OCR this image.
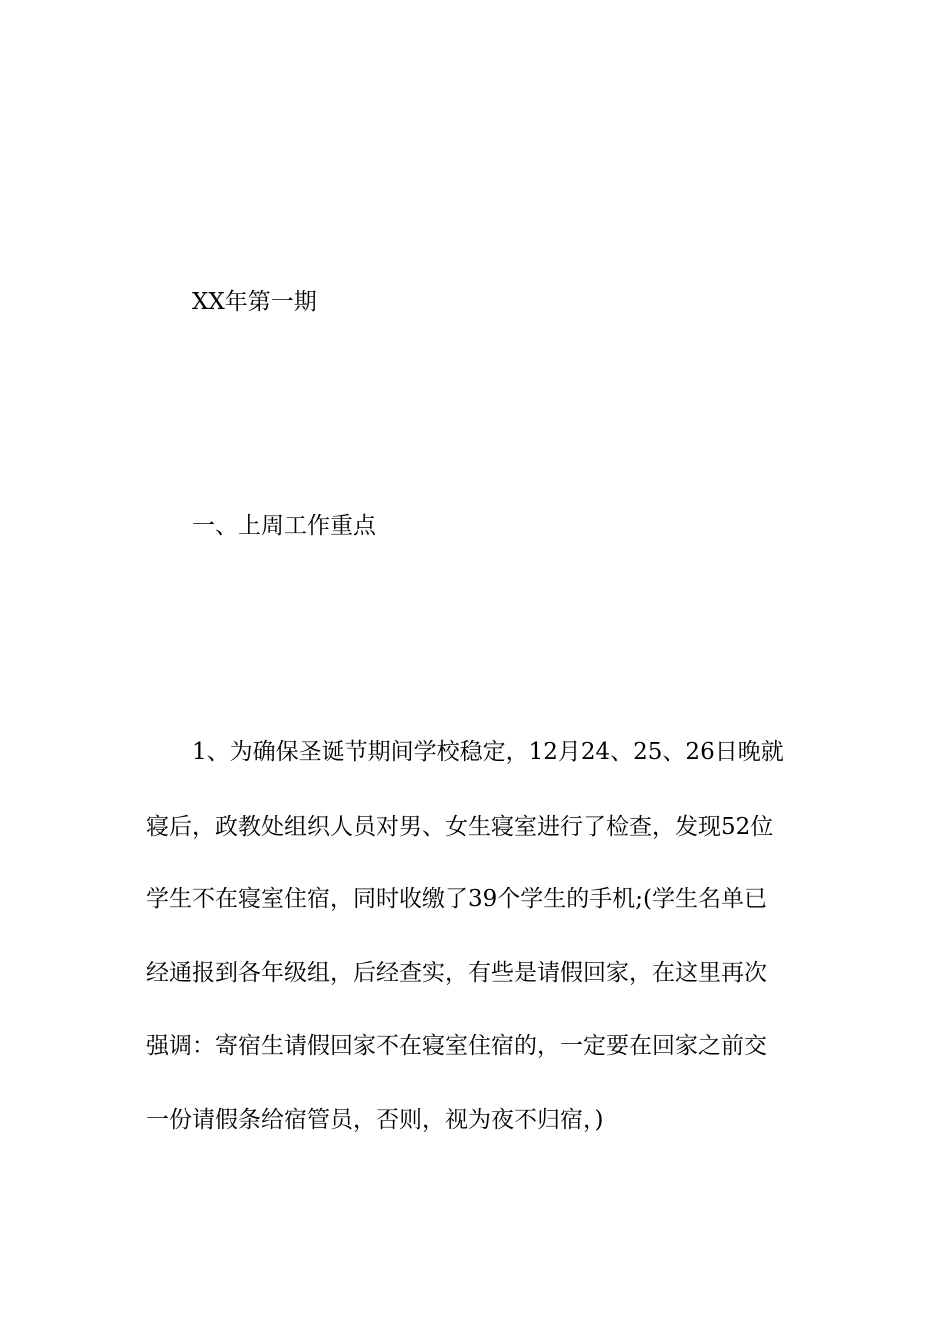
XX年第一期
一、上周工作重点
1、为确保圣诞节期间学校稳定，12月24、25、26日晚就
寝后，政教处组织人员对男、女生寝室进行了检查，发现52位
学生不在寝室住宿，同时收缴了39个学生的手机;(学生名单已
经通报到各年级组，后经查实，有些是请假回家，在这里再次
强调：寄宿生请假回家不在寝室住宿的，一定要在回家之前交
一份请假条给宿管员，否则，视为夜不归宿，)
